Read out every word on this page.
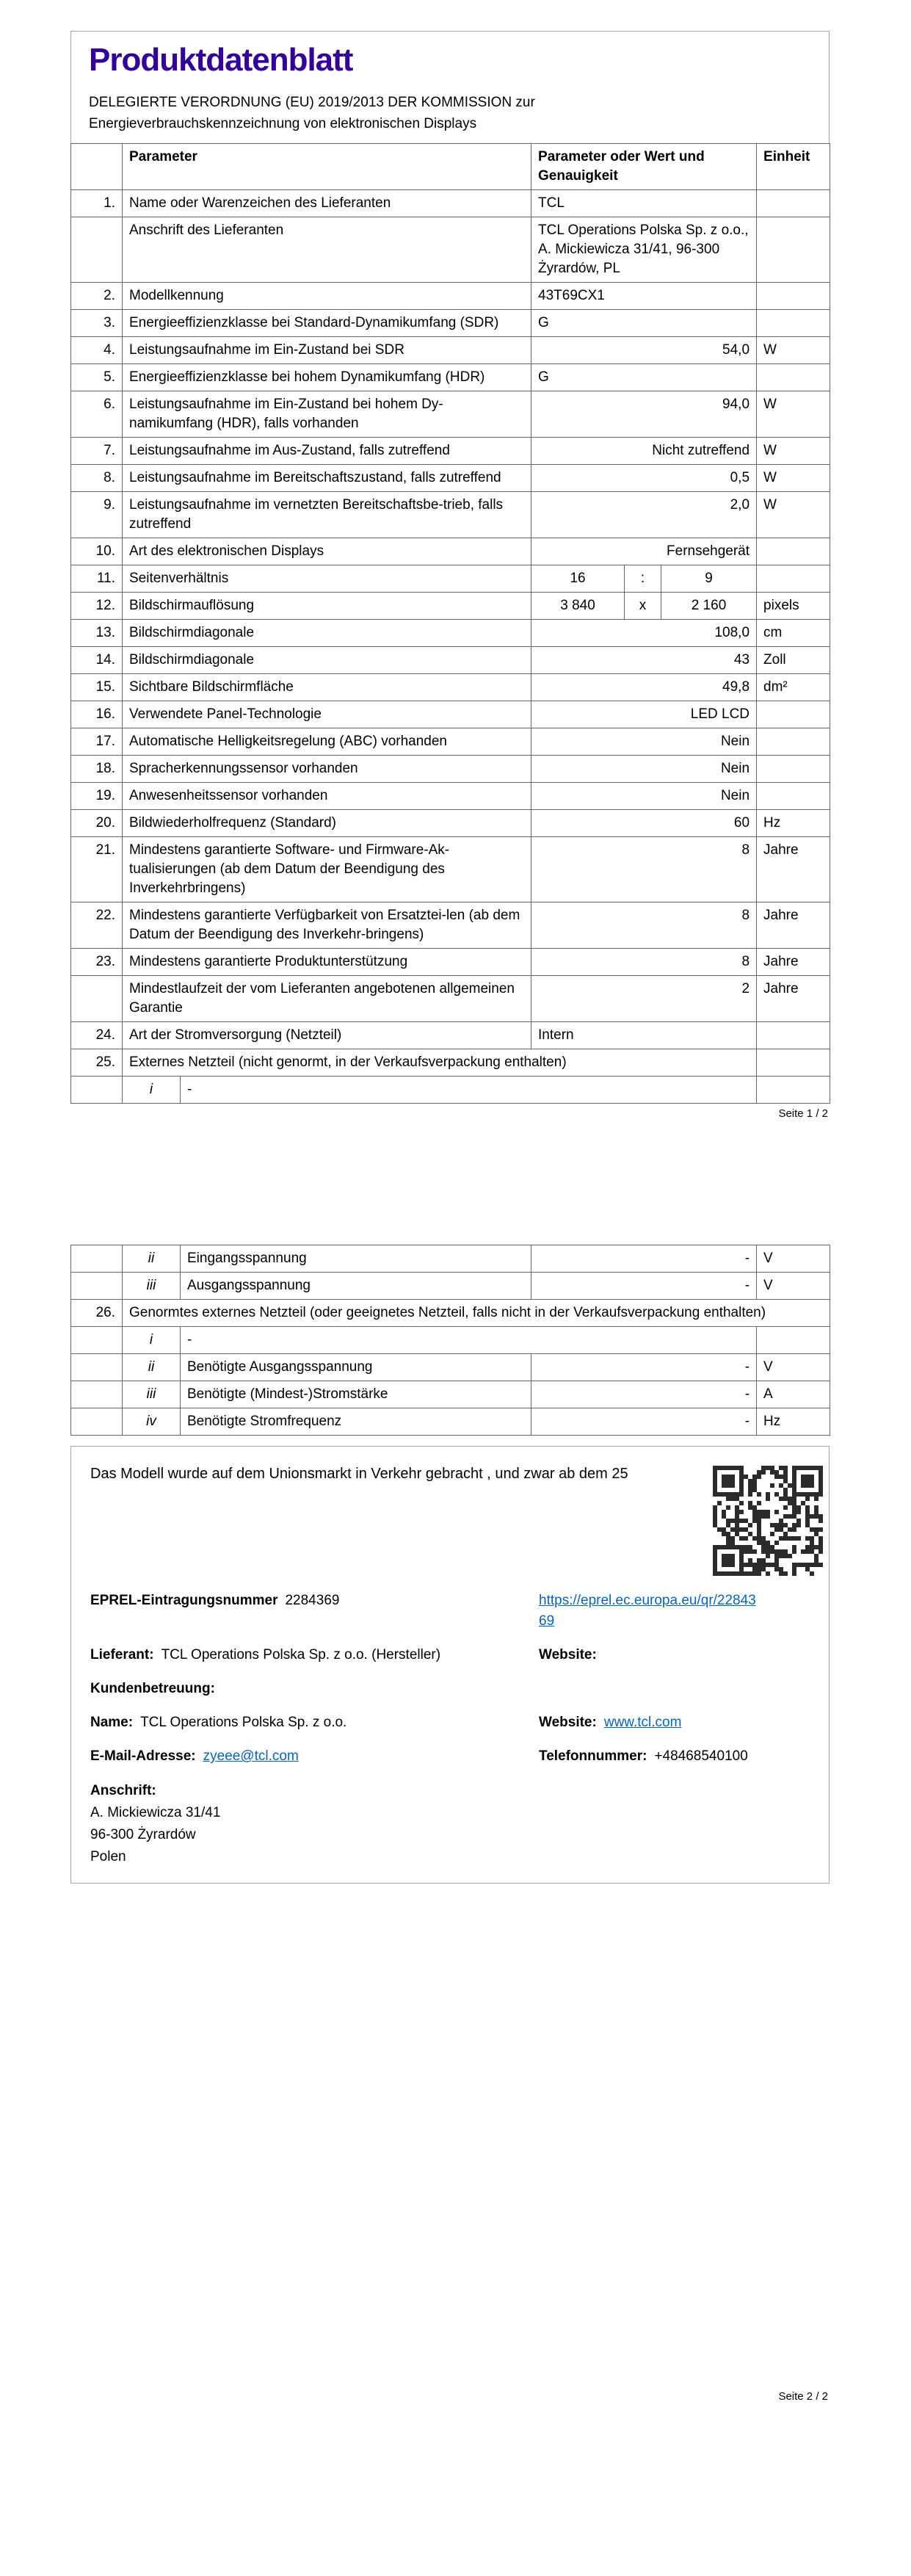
Produktdatenblatt

DELEGIERTE VERORDNUNG (EU) 2019/2013 DER KOMMISSION zur

Energieverbrauchskennzeichnung von elektronischen Displays

	Parameter		Parameter oder Wert und Genauigkeit			Einheit
1.	Name oder Warenzeichen des Lieferanten		TCL			
	Anschrift des Lieferanten		TCL Operations Polska Sp. z o.o., A. Mickiewicza 31/41, 96-300 Żyrardów, PL			
2.	Modellkennung		43T69CX1			
3.	Energieeffizienzklasse bei Standard-Dynamikumfang (SDR)		G			
4.	Leistungsaufnahme im Ein-Zustand bei SDR		54,0			W
5.	Energieeffizienzklasse bei hohem Dynamikumfang (HDR)		G			
6.	Leistungsaufnahme im Ein-Zustand bei hohem Dy-namikumfang (HDR), falls vorhanden		94,0			W
7.	Leistungsaufnahme im Aus-Zustand, falls zutreffend		Nicht zutreffend			W
8.	Leistungsaufnahme im Bereitschaftszustand, falls zutreffend		0,5			W
9.	Leistungsaufnahme im vernetzten Bereitschaftsbe-trieb, falls zutreffend		2,0			W
10.	Art des elektronischen Displays		Fernsehgerät			
11.	Seitenverhältnis		16	:	9	
12.	Bildschirmauflösung		3 840	x	2 160	pixels
13.	Bildschirmdiagonale		108,0			cm
14.	Bildschirmdiagonale		43			Zoll
15.	Sichtbare Bildschirmfläche		49,8			dm²
16.	Verwendete Panel-Technologie		LED LCD			
17.	Automatische Helligkeitsregelung (ABC) vorhanden		Nein			
18.	Spracherkennungssensor vorhanden		Nein			
19.	Anwesenheitssensor vorhanden		Nein			
20.	Bildwiederholfrequenz (Standard)		60			Hz
21.	Mindestens garantierte Software- und Firmware-Ak-tualisierungen (ab dem Datum der Beendigung des Inverkehrbringens)		8			Jahre
22.	Mindestens garantierte Verfügbarkeit von Ersatztei-len (ab dem Datum der Beendigung des Inverkehr-bringens)		8			Jahre
23.	Mindestens garantierte Produktunterstützung		8			Jahre
	Mindestlaufzeit der vom Lieferanten angebotenen allgemeinen Garantie		2			Jahre
24.	Art der Stromversorgung (Netzteil)		Intern			
25.	Externes Netzteil (nicht genormt, in der Verkaufsverpackung enthalten)					
	i	-				
Seite 1 / 2
	ii	Eingangsspannung	-	V
	iii	Ausgangsspannung	-	V
26.	Genormtes externes Netzteil (oder geeignetes Netzteil, falls nicht in der Verkaufsverpackung enthalten)			
	i	-		
	ii	Benötigte Ausgangsspannung	-	V
	iii	Benötigte (Mindest-)Stromstärke	-	A
	iv	Benötigte Stromfrequenz	-	Hz

Das Modell wurde auf dem Unionsmarkt in Verkehr gebracht , und zwar ab dem 25

EPREL-Eintragungsnummer 2284369	https://eprel.ec.europa.eu/qr/2284369
Lieferant: TCL Operations Polska Sp. z o.o. (Hersteller)	Website:
Kundenbetreuung:
Name: TCL Operations Polska Sp. z o.o.	Website: www.tcl.com
E-Mail-Adresse: zyeee@tcl.com	Telefonnummer: +48468540100
Anschrift:
A. Mickiewicza 31/41
96-300 Żyrardów
Polen
Seite 2 / 2
